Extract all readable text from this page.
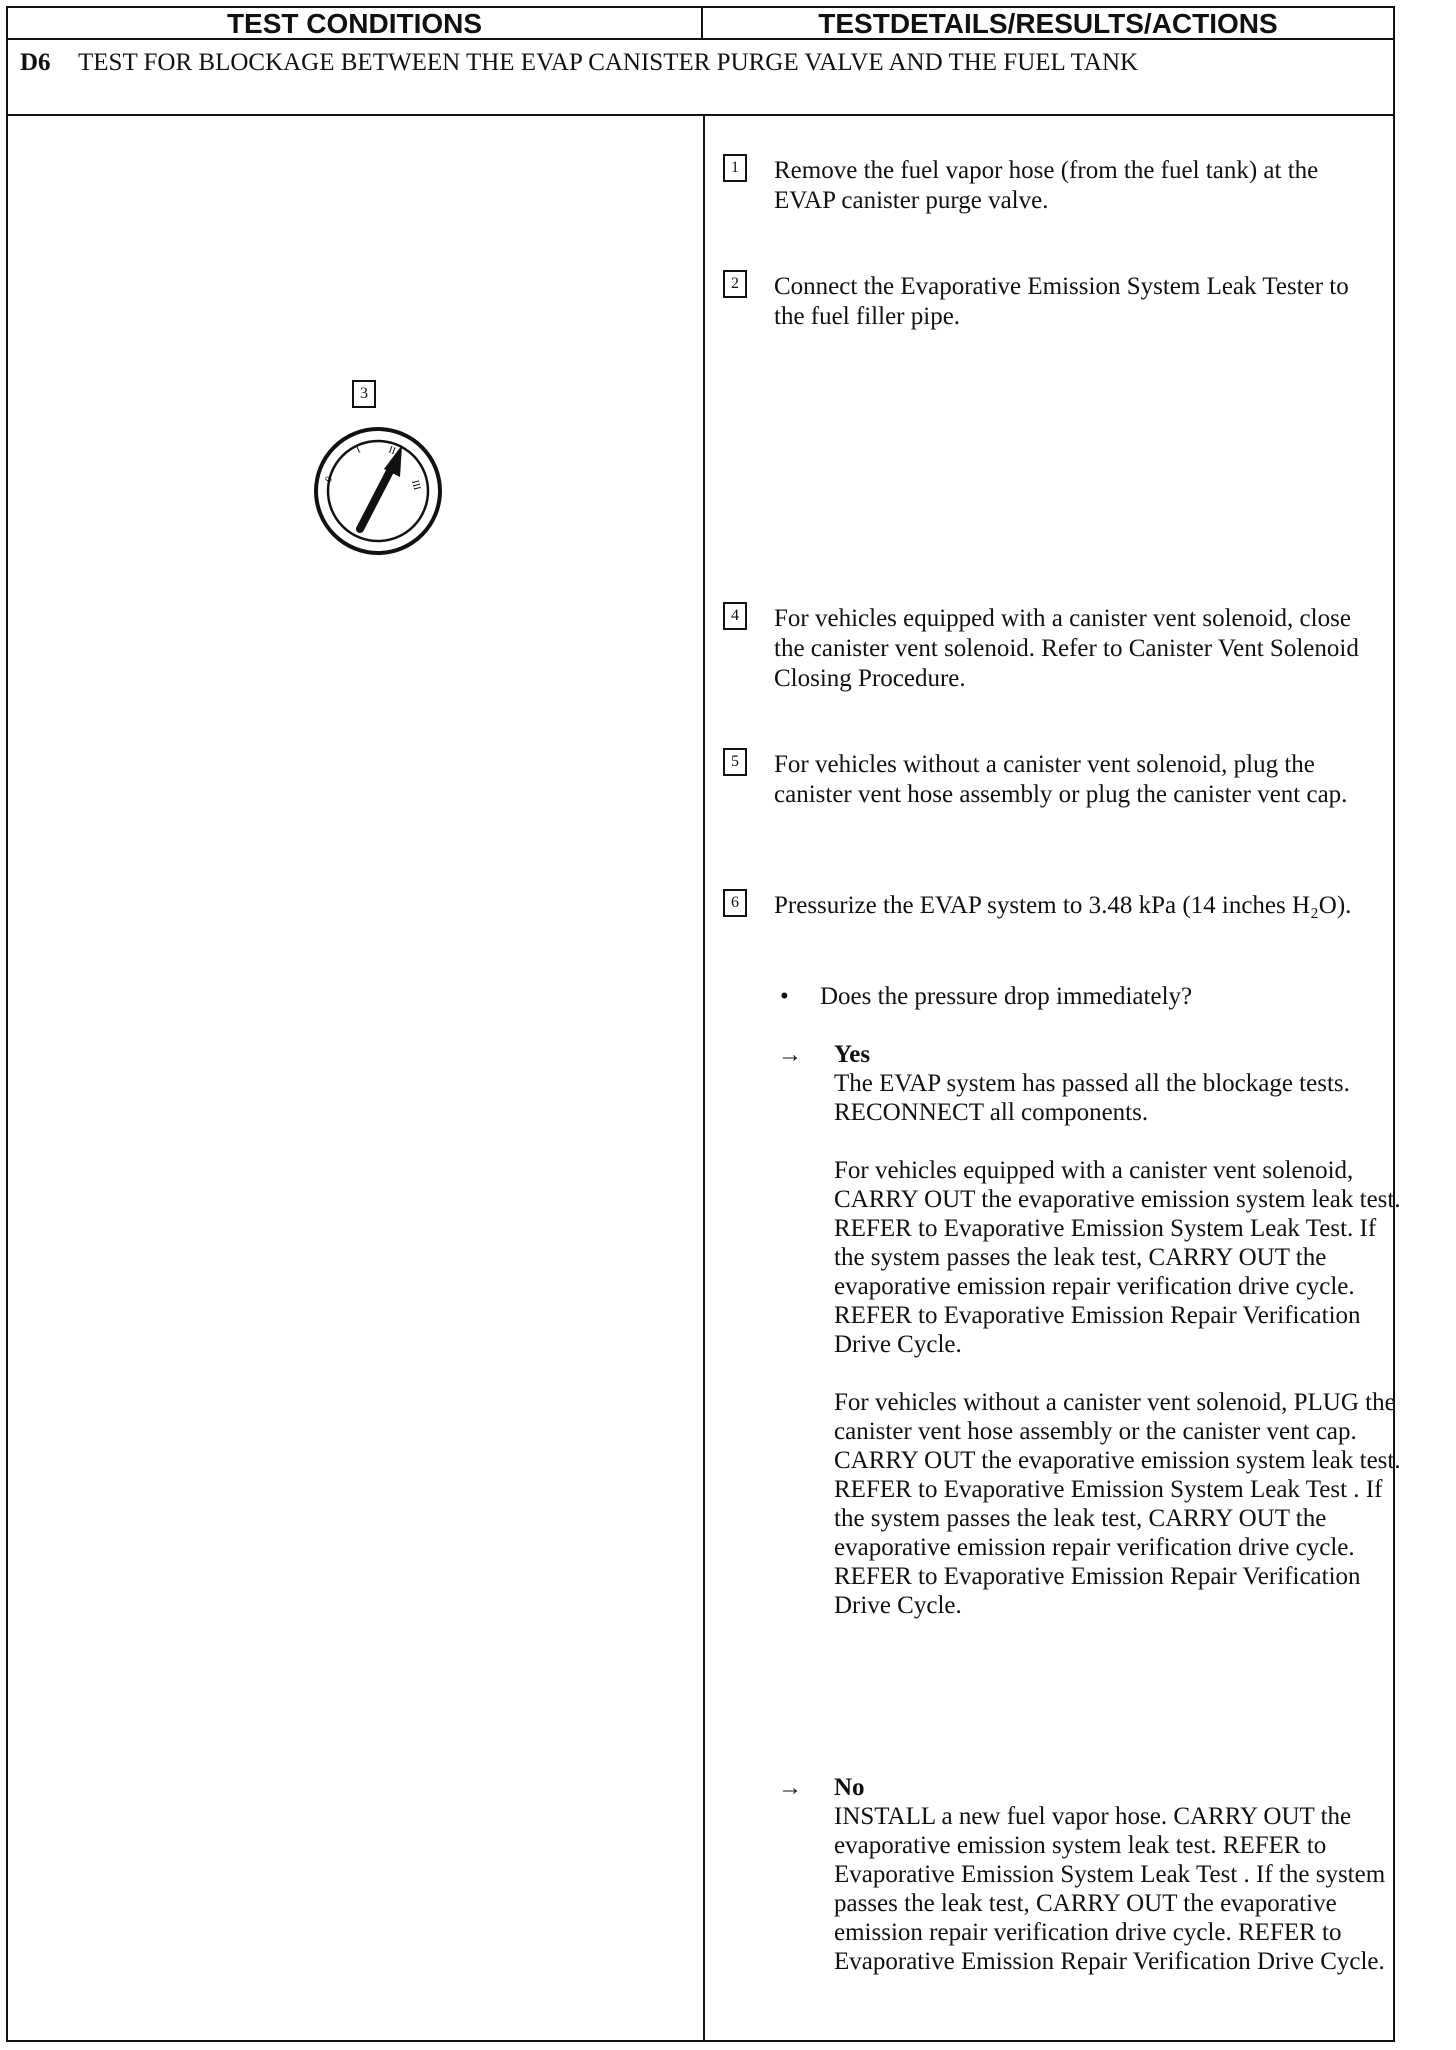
TEST CONDITIONS	TESTDETAILS/RESULTS/ACTIONS
D6 TEST FOR BLOCKAGE BETWEEN THE EVAP CANISTER PURGE VALVE AND THE FUEL TANK
3
0
I II
III
1	Remove the fuel vapor hose (from the fuel tank) at the EVAP canister purge valve.
2	Connect the Evaporative Emission System Leak Tester to the fuel filler pipe.
4	For vehicles equipped with a canister vent solenoid, close the canister vent solenoid. Refer to Canister Vent Solenoid Closing Procedure.
5	For vehicles without a canister vent solenoid, plug the canister vent hose assembly or plug the canister vent cap.
6	Pressurize the EVAP system to 3.48 kPa (14 inches H₂O).
• Does the pressure drop immediately?
→ Yes
The EVAP system has passed all the blockage tests. RECONNECT all components.
For vehicles equipped with a canister vent solenoid, CARRY OUT the evaporative emission system leak test. REFER to Evaporative Emission System Leak Test. If the system passes the leak test, CARRY OUT the evaporative emission repair verification drive cycle. REFER to Evaporative Emission Repair Verification Drive Cycle.
For vehicles without a canister vent solenoid, PLUG the canister vent hose assembly or the canister vent cap. CARRY OUT the evaporative emission system leak test. REFER to Evaporative Emission System Leak Test . If the system passes the leak test, CARRY OUT the evaporative emission repair verification drive cycle. REFER to Evaporative Emission Repair Verification Drive Cycle.
→ No
INSTALL a new fuel vapor hose. CARRY OUT the evaporative emission system leak test. REFER to Evaporative Emission System Leak Test . If the system passes the leak test, CARRY OUT the evaporative emission repair verification drive cycle. REFER to Evaporative Emission Repair Verification Drive Cycle.
